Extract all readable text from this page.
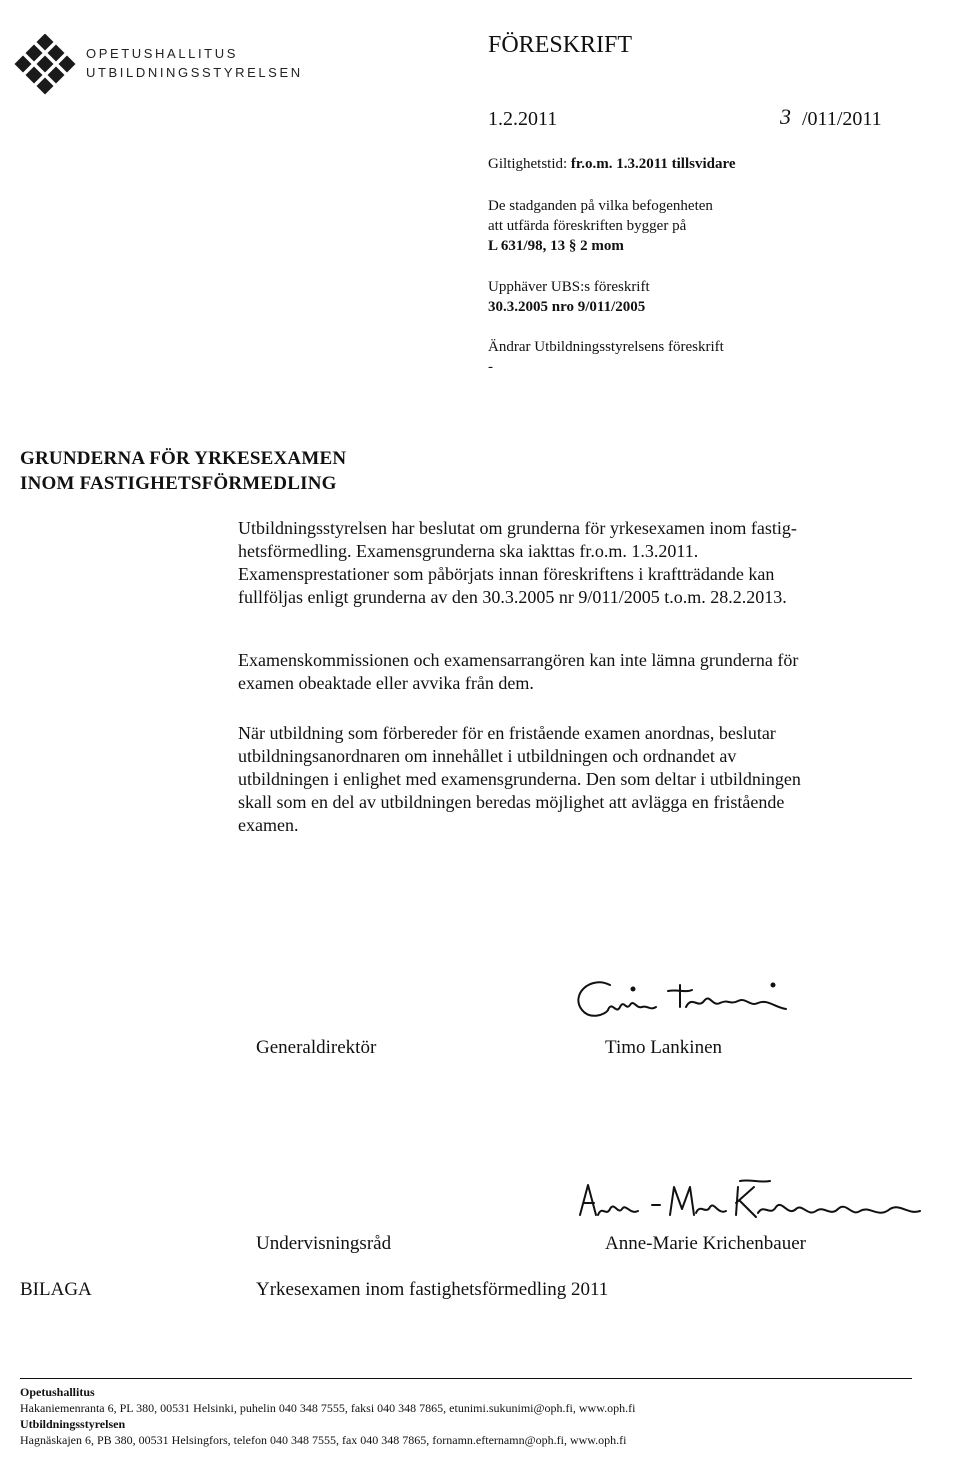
OPETUSHALLITUS
UTBILDNINGSSTYRELSEN
FÖRESKRIFT
1.2.2011	3 /011/2011
Giltighetstid: fr.o.m. 1.3.2011 tillsvidare
De stadganden på vilka befogenheten
att utfärda föreskriften bygger på
L 631/98, 13 § 2 mom
Upphäver UBS:s föreskrift
30.3.2005 nro 9/011/2005
Ändrar Utbildningsstyrelsens föreskrift
-
GRUNDERNA FÖR YRKESEXAMEN
INOM FASTIGHETSFÖRMEDLING
Utbildningsstyrelsen har beslutat om grunderna för yrkesexamen inom fastig-
hetsförmedling. Examensgrunderna ska iakttas fr.o.m. 1.3.2011.
Examensprestationer som påbörjats innan föreskriftens i kraftträdande kan
fullföljas enligt grunderna av den 30.3.2005 nr 9/011/2005 t.o.m. 28.2.2013.
Examenskommissionen och examensarrangören kan inte lämna grunderna för
examen obeaktade eller avvika från dem.
När utbildning som förbereder för en fristående examen anordnas, beslutar
utbildningsanordnaren om innehållet i utbildningen och ordnandet av
utbildningen i enlighet med examensgrunderna. Den som deltar i utbildningen
skall som en del av utbildningen beredas möjlighet att avlägga en fristående
examen.
Generaldirektör	Timo Lankinen
Undervisningsråd	Anne-Marie Krichenbauer
BILAGA	Yrkesexamen inom fastighetsförmedling 2011
Opetushallitus
Hakaniemenranta 6, PL 380, 00531 Helsinki, puhelin 040 348 7555, faksi 040 348 7865, etunimi.sukunimi@oph.fi, www.oph.fi
Utbildningsstyrelsen
Hagnäskajen 6, PB 380, 00531 Helsingfors, telefon 040 348 7555, fax 040 348 7865, fornamn.efternamn@oph.fi, www.oph.fi
